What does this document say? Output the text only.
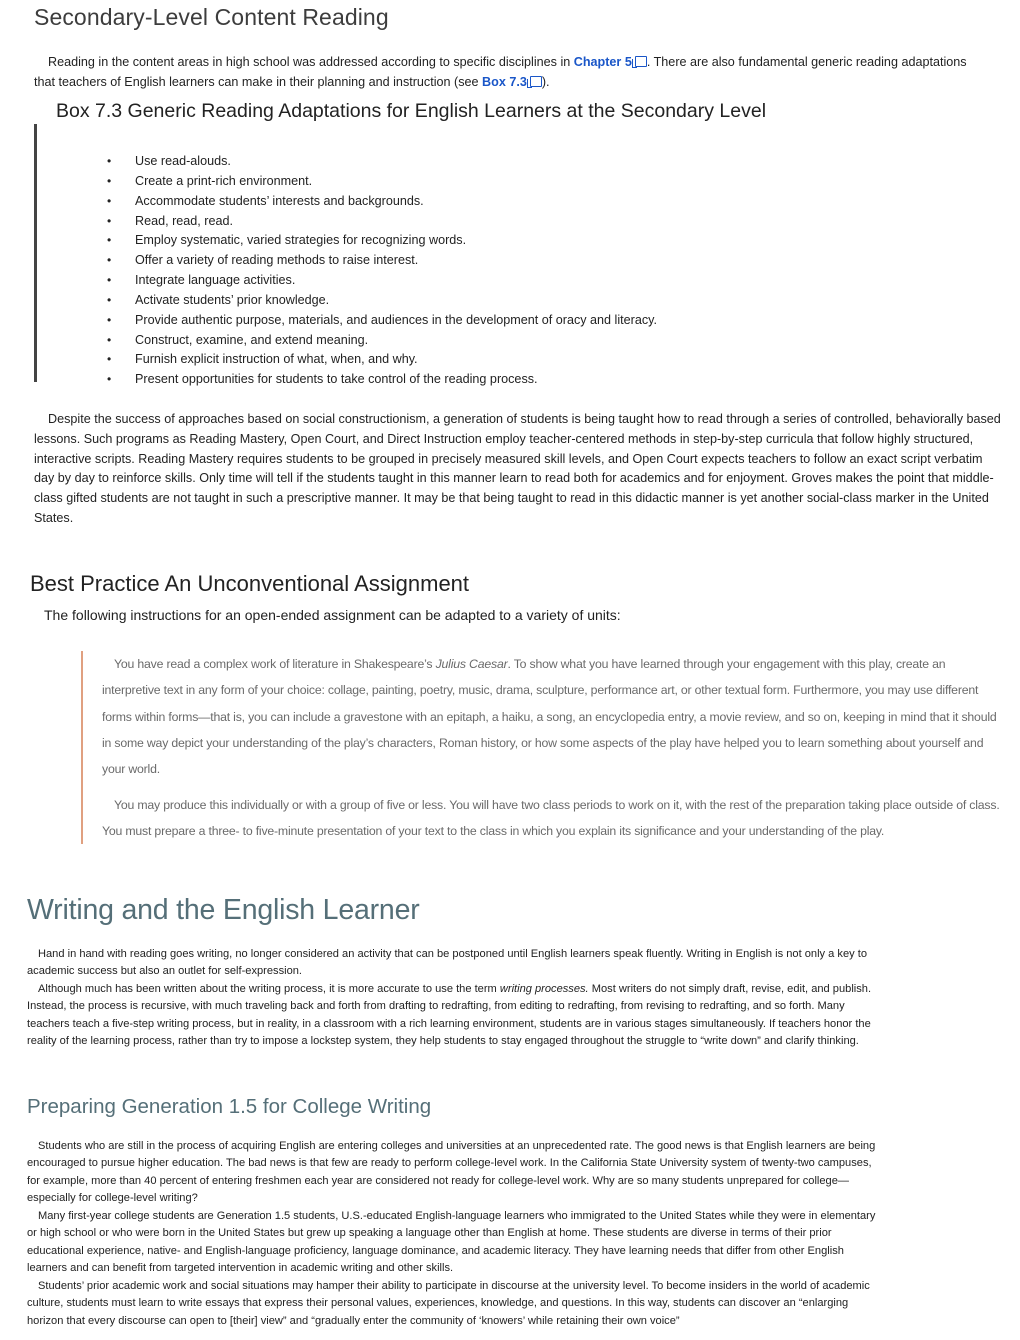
Secondary-Level Content Reading

Reading in the content areas in high school was addressed according to specific disciplines in Chapter 5 . There are also fundamental generic reading adaptations that teachers of English learners can make in their planning and instruction (see Box 7.3 ).

Box 7.3 Generic Reading Adaptations for English Learners at the Secondary Level
• Use read-alouds.
• Create a print-rich environment.
• Accommodate students’ interests and backgrounds.
• Read, read, read.
• Employ systematic, varied strategies for recognizing words.
• Offer a variety of reading methods to raise interest.
• Integrate language activities.
• Activate students’ prior knowledge.
• Provide authentic purpose, materials, and audiences in the development of oracy and literacy.
• Construct, examine, and extend meaning.
• Furnish explicit instruction of what, when, and why.
• Present opportunities for students to take control of the reading process.

Despite the success of approaches based on social constructionism, a generation of students is being taught how to read through a series of controlled, behaviorally based lessons. Such programs as Reading Mastery, Open Court, and Direct Instruction employ teacher-centered methods in step-by-step curricula that follow highly structured, interactive scripts. Reading Mastery requires students to be grouped in precisely measured skill levels, and Open Court expects teachers to follow an exact script verbatim day by day to reinforce skills. Only time will tell if the students taught in this manner learn to read both for academics and for enjoyment. Groves makes the point that middle-class gifted students are not taught in such a prescriptive manner. It may be that being taught to read in this didactic manner is yet another social-class marker in the United States.

Best Practice An Unconventional Assignment

The following instructions for an open-ended assignment can be adapted to a variety of units:

You have read a complex work of literature in Shakespeare’s Julius Caesar. To show what you have learned through your engagement with this play, create an interpretive text in any form of your choice: collage, painting, poetry, music, drama, sculpture, performance art, or other textual form. Furthermore, you may use different forms within forms—that is, you can include a gravestone with an epitaph, a haiku, a song, an encyclopedia entry, a movie review, and so on, keeping in mind that it should in some way depict your understanding of the play’s characters, Roman history, or how some aspects of the play have helped you to learn something about yourself and your world.

You may produce this individually or with a group of five or less. You will have two class periods to work on it, with the rest of the preparation taking place outside of class. You must prepare a three- to five-minute presentation of your text to the class in which you explain its significance and your understanding of the play.

Writing and the English Learner

Hand in hand with reading goes writing, no longer considered an activity that can be postponed until English learners speak fluently. Writing in English is not only a key to academic success but also an outlet for self-expression.

Although much has been written about the writing process, it is more accurate to use the term writing processes. Most writers do not simply draft, revise, edit, and publish. Instead, the process is recursive, with much traveling back and forth from drafting to redrafting, from editing to redrafting, from revising to redrafting, and so forth. Many teachers teach a five-step writing process, but in reality, in a classroom with a rich learning environment, students are in various stages simultaneously. If teachers honor the reality of the learning process, rather than try to impose a lockstep system, they help students to stay engaged throughout the struggle to “write down” and clarify thinking.

Preparing Generation 1.5 for College Writing

Students who are still in the process of acquiring English are entering colleges and universities at an unprecedented rate. The good news is that English learners are being encouraged to pursue higher education. The bad news is that few are ready to perform college-level work. In the California State University system of twenty-two campuses, for example, more than 40 percent of entering freshmen each year are considered not ready for college-level work. Why are so many students unprepared for college—especially for college-level writing?

Many first-year college students are Generation 1.5 students, U.S.-educated English-language learners who immigrated to the United States while they were in elementary or high school or who were born in the United States but grew up speaking a language other than English at home. These students are diverse in terms of their prior educational experience, native- and English-language proficiency, language dominance, and academic literacy. They have learning needs that differ from other English learners and can benefit from targeted intervention in academic writing and other skills.

Students’ prior academic work and social situations may hamper their ability to participate in discourse at the university level. To become insiders in the world of academic culture, students must learn to write essays that express their personal values, experiences, knowledge, and questions. In this way, students can discover an “enlarging horizon that every discourse can open to [their] view” and “gradually enter the community of ‘knowers’ while retaining their own voice”
